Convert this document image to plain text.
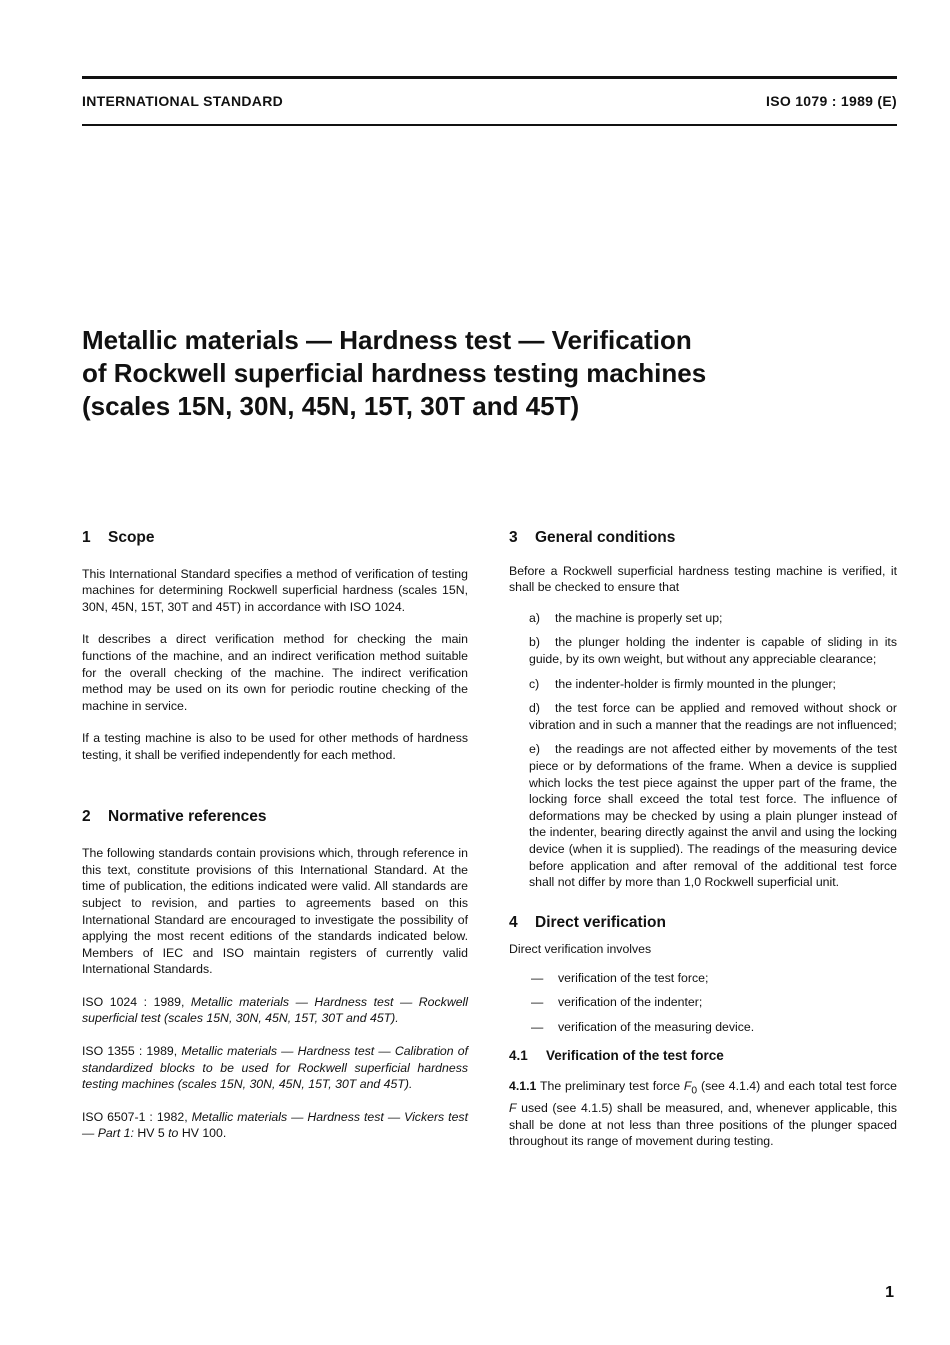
INTERNATIONAL STANDARD	ISO 1079 : 1989 (E)
Metallic materials — Hardness test — Verification
of Rockwell superficial hardness testing machines
(scales 15N, 30N, 45N, 15T, 30T and 45T)
1 Scope

This International Standard specifies a method of verification of testing machines for determining Rockwell superficial hardness (scales 15N, 30N, 45N, 15T, 30T and 45T) in accordance with ISO 1024.

It describes a direct verification method for checking the main functions of the machine, and an indirect verification method suitable for the overall checking of the machine. The indirect verification method may be used on its own for periodic routine checking of the machine in service.

If a testing machine is also to be used for other methods of hardness testing, it shall be verified independently for each method.

2 Normative references

The following standards contain provisions which, through reference in this text, constitute provisions of this International Standard. At the time of publication, the editions indicated were valid. All standards are subject to revision, and parties to agreements based on this International Standard are encouraged to investigate the possibility of applying the most recent editions of the standards indicated below. Members of IEC and ISO maintain registers of currently valid International Standards.

ISO 1024 : 1989, Metallic materials — Hardness test — Rockwell superficial test (scales 15N, 30N, 45N, 15T, 30T and 45T).

ISO 1355 : 1989, Metallic materials — Hardness test — Calibration of standardized blocks to be used for Rockwell superficial hardness testing machines (scales 15N, 30N, 45N, 15T, 30T and 45T).

ISO 6507-1 : 1982, Metallic materials — Hardness test — Vickers test — Part 1: HV 5 to HV 100.

3 General conditions

Before a Rockwell superficial hardness testing machine is verified, it shall be checked to ensure that

a) the machine is properly set up;
b) the plunger holding the indenter is capable of sliding in its guide, by its own weight, but without any appreciable clearance;
c) the indenter-holder is firmly mounted in the plunger;
d) the test force can be applied and removed without shock or vibration and in such a manner that the readings are not influenced;
e) the readings are not affected either by movements of the test piece or by deformations of the frame. When a device is supplied which locks the test piece against the upper part of the frame, the locking force shall exceed the total test force. The influence of deformations may be checked by using a plain plunger instead of the indenter, bearing directly against the anvil and using the locking device (when it is supplied). The readings of the measuring device before application and after removal of the additional test force shall not differ by more than 1,0 Rockwell superficial unit.
4 Direct verification

Direct verification involves

— verification of the test force;
— verification of the indenter;
— verification of the measuring device.
4.1 Verification of the test force

4.1.1 The preliminary test force $F_0$ (see 4.1.4) and each total test force F used (see 4.1.5) shall be measured, and, whenever applicable, this shall be done at not less than three positions of the plunger spaced throughout its range of movement during testing.

1
